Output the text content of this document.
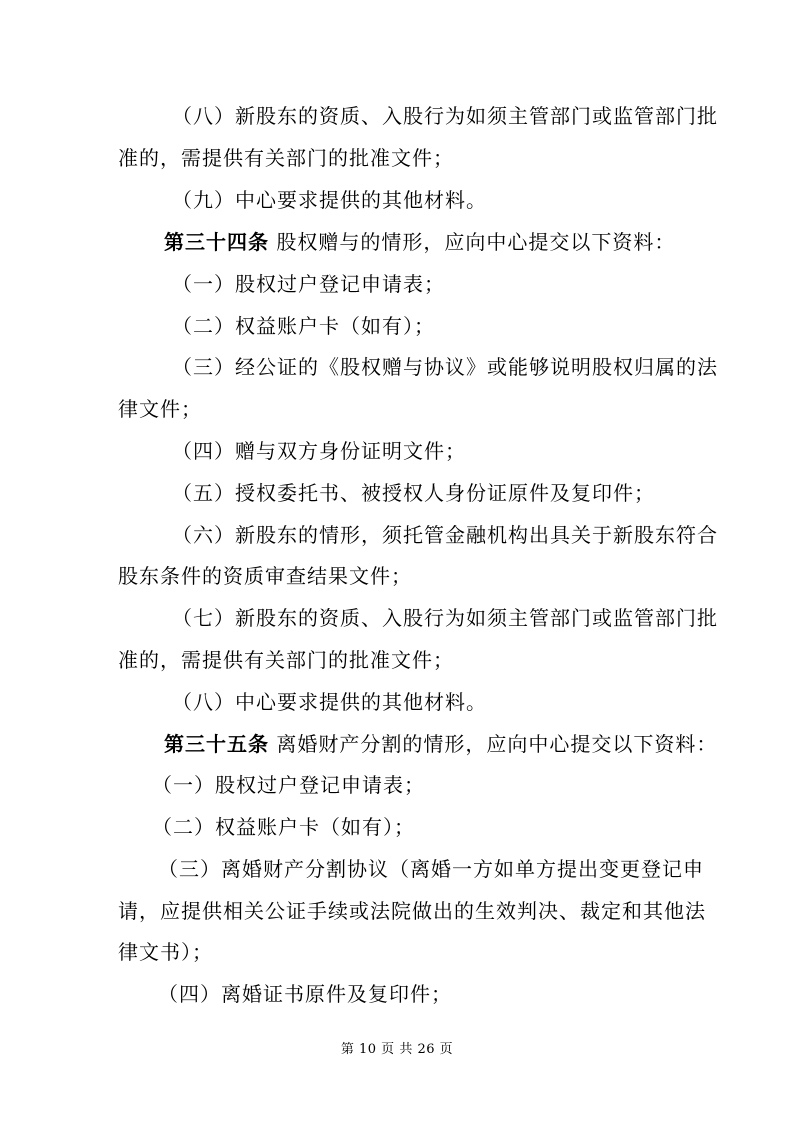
（八）新股东的资质、入股行为如须主管部门或监管部门批
准的，需提供有关部门的批准文件；
（九）中心要求提供的其他材料。
第三十四条 股权赠与的情形，应向中心提交以下资料：
（一）股权过户登记申请表；
（二）权益账户卡（如有）；
（三）经公证的《股权赠与协议》或能够说明股权归属的法
律文件；
（四）赠与双方身份证明文件；
（五）授权委托书、被授权人身份证原件及复印件；
（六）新股东的情形，须托管金融机构出具关于新股东符合
股东条件的资质审查结果文件；
（七）新股东的资质、入股行为如须主管部门或监管部门批
准的，需提供有关部门的批准文件；
（八）中心要求提供的其他材料。
第三十五条 离婚财产分割的情形，应向中心提交以下资料：
（一）股权过户登记申请表；
（二）权益账户卡（如有）；
（三）离婚财产分割协议（离婚一方如单方提出变更登记申
请，应提供相关公证手续或法院做出的生效判决、裁定和其他法
律文书）；
（四）离婚证书原件及复印件；
第 10 页 共 26 页
